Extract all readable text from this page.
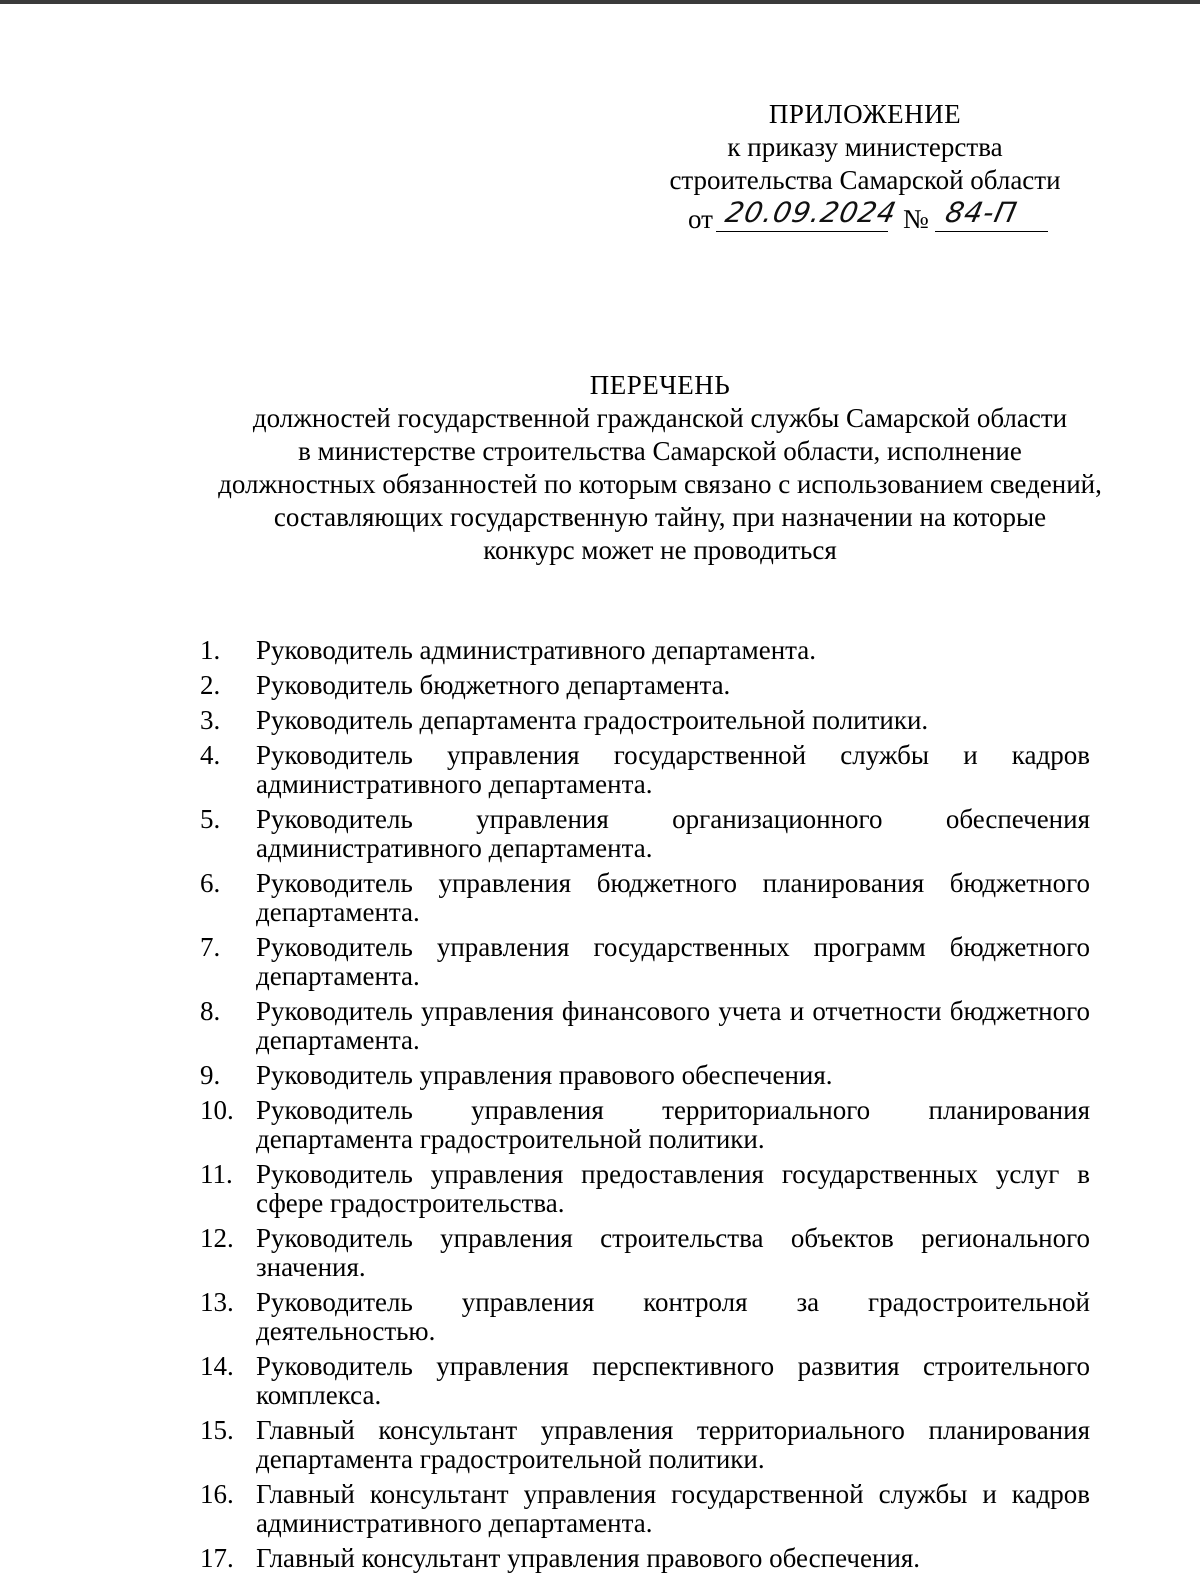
ПРИЛОЖЕНИЕ
к приказу министерства
строительства Самарской области
от 20.09.2024 № 84-П
ПЕРЕЧЕНЬ
должностей государственной гражданской службы Самарской области
в министерстве строительства Самарской области, исполнение
должностных обязанностей по которым связано с использованием сведений,
составляющих государственную тайну, при назначении на которые
конкурс может не проводиться
1.	Руководитель административного департамента.
2.	Руководитель бюджетного департамента.
3.	Руководитель департамента градостроительной политики.
4.	Руководитель управления государственной службы и кадров административного департамента.
5.	Руководитель управления организационного обеспечения административного департамента.
6.	Руководитель управления бюджетного планирования бюджетного департамента.
7.	Руководитель управления государственных программ бюджетного департамента.
8.	Руководитель управления финансового учета и отчетности бюджетного департамента.
9.	Руководитель управления правового обеспечения.
10. Руководитель управления территориального планирования департамента градостроительной политики.
11. Руководитель управления предоставления государственных услуг в сфере градостроительства.
12. Руководитель управления строительства объектов регионального значения.
13. Руководитель управления контроля за градостроительной деятельностью.
14. Руководитель управления перспективного развития строительного комплекса.
15. Главный консультант управления территориального планирования департамента градостроительной политики.
16. Главный консультант управления государственной службы и кадров административного департамента.
17. Главный консультант управления правового обеспечения.
